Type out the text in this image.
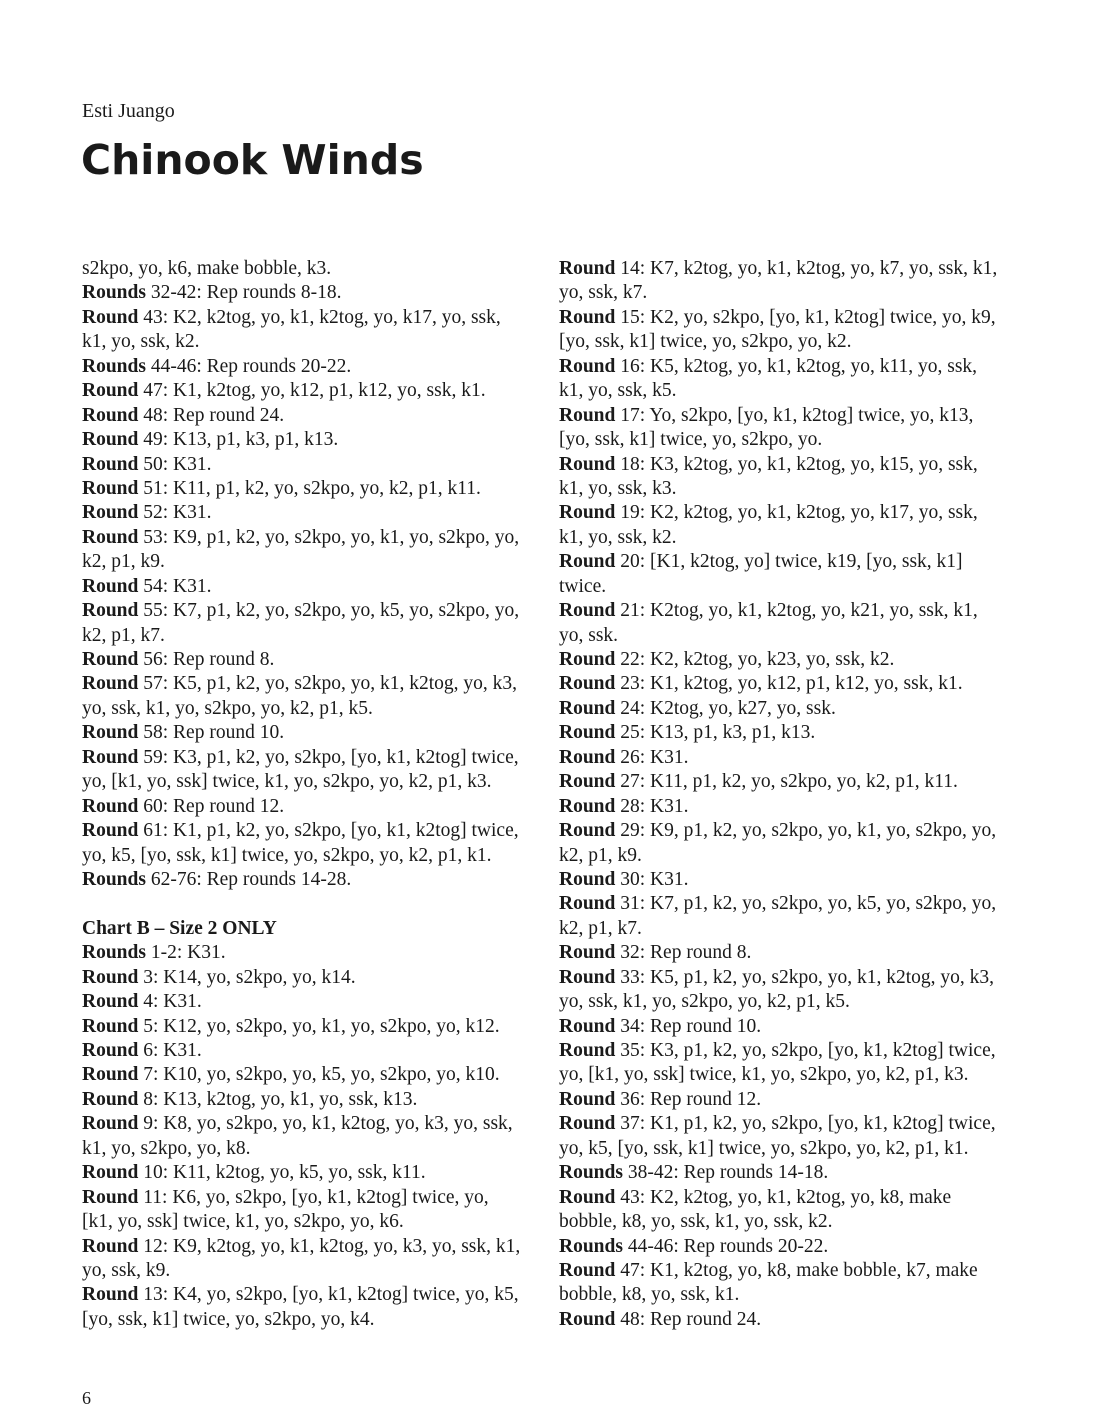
Esti Juango
Chinook Winds
s2kpo, yo, k6, make bobble, k3.
Rounds 32-42: Rep rounds 8-18.
Round 43: K2, k2tog, yo, k1, k2tog, yo, k17, yo, ssk,
k1, yo, ssk, k2.
Rounds 44-46: Rep rounds 20-22.
Round 47: K1, k2tog, yo, k12, p1, k12, yo, ssk, k1.
Round 48: Rep round 24.
Round 49: K13, p1, k3, p1, k13.
Round 50: K31.
Round 51: K11, p1, k2, yo, s2kpo, yo, k2, p1, k11.
Round 52: K31.
Round 53: K9, p1, k2, yo, s2kpo, yo, k1, yo, s2kpo, yo,
k2, p1, k9.
Round 54: K31.
Round 55: K7, p1, k2, yo, s2kpo, yo, k5, yo, s2kpo, yo,
k2, p1, k7.
Round 56: Rep round 8.
Round 57: K5, p1, k2, yo, s2kpo, yo, k1, k2tog, yo, k3,
yo, ssk, k1, yo, s2kpo, yo, k2, p1, k5.
Round 58: Rep round 10.
Round 59: K3, p1, k2, yo, s2kpo, [yo, k1, k2tog] twice,
yo, [k1, yo, ssk] twice, k1, yo, s2kpo, yo, k2, p1, k3.
Round 60: Rep round 12.
Round 61: K1, p1, k2, yo, s2kpo, [yo, k1, k2tog] twice,
yo, k5, [yo, ssk, k1] twice, yo, s2kpo, yo, k2, p1, k1.
Rounds 62-76: Rep rounds 14-28.
Chart B – Size 2 ONLY
Rounds 1-2: K31.
Round 3: K14, yo, s2kpo, yo, k14.
Round 4: K31.
Round 5: K12, yo, s2kpo, yo, k1, yo, s2kpo, yo, k12.
Round 6: K31.
Round 7: K10, yo, s2kpo, yo, k5, yo, s2kpo, yo, k10.
Round 8: K13, k2tog, yo, k1, yo, ssk, k13.
Round 9: K8, yo, s2kpo, yo, k1, k2tog, yo, k3, yo, ssk,
k1, yo, s2kpo, yo, k8.
Round 10: K11, k2tog, yo, k5, yo, ssk, k11.
Round 11: K6, yo, s2kpo, [yo, k1, k2tog] twice, yo,
[k1, yo, ssk] twice, k1, yo, s2kpo, yo, k6.
Round 12: K9, k2tog, yo, k1, k2tog, yo, k3, yo, ssk, k1,
yo, ssk, k9.
Round 13: K4, yo, s2kpo, [yo, k1, k2tog] twice, yo, k5,
[yo, ssk, k1] twice, yo, s2kpo, yo, k4.
Round 14: K7, k2tog, yo, k1, k2tog, yo, k7, yo, ssk, k1,
yo, ssk, k7.
Round 15: K2, yo, s2kpo, [yo, k1, k2tog] twice, yo, k9,
[yo, ssk, k1] twice, yo, s2kpo, yo, k2.
Round 16: K5, k2tog, yo, k1, k2tog, yo, k11, yo, ssk,
k1, yo, ssk, k5.
Round 17: Yo, s2kpo, [yo, k1, k2tog] twice, yo, k13,
[yo, ssk, k1] twice, yo, s2kpo, yo.
Round 18: K3, k2tog, yo, k1, k2tog, yo, k15, yo, ssk,
k1, yo, ssk, k3.
Round 19: K2, k2tog, yo, k1, k2tog, yo, k17, yo, ssk,
k1, yo, ssk, k2.
Round 20: [K1, k2tog, yo] twice, k19, [yo, ssk, k1]
twice.
Round 21: K2tog, yo, k1, k2tog, yo, k21, yo, ssk, k1,
yo, ssk.
Round 22: K2, k2tog, yo, k23, yo, ssk, k2.
Round 23: K1, k2tog, yo, k12, p1, k12, yo, ssk, k1.
Round 24: K2tog, yo, k27, yo, ssk.
Round 25: K13, p1, k3, p1, k13.
Round 26: K31.
Round 27: K11, p1, k2, yo, s2kpo, yo, k2, p1, k11.
Round 28: K31.
Round 29: K9, p1, k2, yo, s2kpo, yo, k1, yo, s2kpo, yo,
k2, p1, k9.
Round 30: K31.
Round 31: K7, p1, k2, yo, s2kpo, yo, k5, yo, s2kpo, yo,
k2, p1, k7.
Round 32: Rep round 8.
Round 33: K5, p1, k2, yo, s2kpo, yo, k1, k2tog, yo, k3,
yo, ssk, k1, yo, s2kpo, yo, k2, p1, k5.
Round 34: Rep round 10.
Round 35: K3, p1, k2, yo, s2kpo, [yo, k1, k2tog] twice,
yo, [k1, yo, ssk] twice, k1, yo, s2kpo, yo, k2, p1, k3.
Round 36: Rep round 12.
Round 37: K1, p1, k2, yo, s2kpo, [yo, k1, k2tog] twice,
yo, k5, [yo, ssk, k1] twice, yo, s2kpo, yo, k2, p1, k1.
Rounds 38-42: Rep rounds 14-18.
Round 43: K2, k2tog, yo, k1, k2tog, yo, k8, make
bobble, k8, yo, ssk, k1, yo, ssk, k2.
Rounds 44-46: Rep rounds 20-22.
Round 47: K1, k2tog, yo, k8, make bobble, k7, make
bobble, k8, yo, ssk, k1.
Round 48: Rep round 24.
6
